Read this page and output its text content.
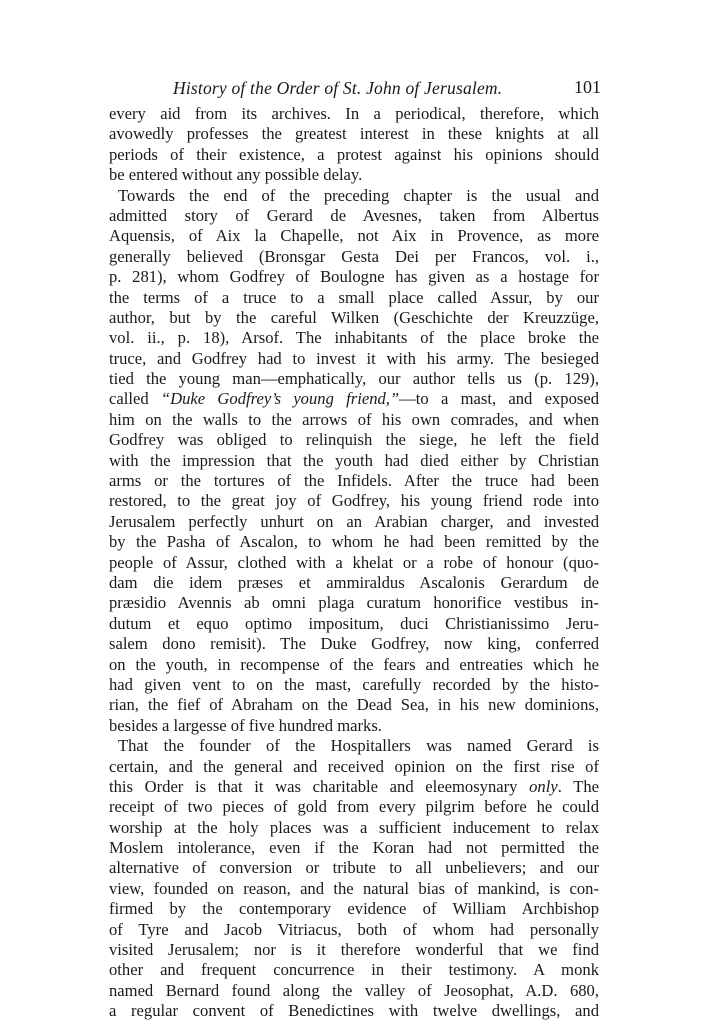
History of the Order of St. John of Jerusalem.	101
every aid from its archives. In a periodical, therefore, which
avowedly professes the greatest interest in these knights at all
periods of their existence, a protest against his opinions should
be entered without any possible delay.
Towards the end of the preceding chapter is the usual and
admitted story of Gerard de Avesnes, taken from Albertus
Aquensis, of Aix la Chapelle, not Aix in Provence, as more
generally believed (Bronsgar Gesta Dei per Francos, vol. i.,
p. 281), whom Godfrey of Boulogne has given as a hostage for
the terms of a truce to a small place called Assur, by our
author, but by the careful Wilken (Geschichte der Kreuzzüge,
vol. ii., p. 18), Arsof. The inhabitants of the place broke the
truce, and Godfrey had to invest it with his army. The besieged
tied the young man—emphatically, our author tells us (p. 129),
called “Duke Godfrey’s young friend,”—to a mast, and exposed
him on the walls to the arrows of his own comrades, and when
Godfrey was obliged to relinquish the siege, he left the field
with the impression that the youth had died either by Christian
arms or the tortures of the Infidels. After the truce had been
restored, to the great joy of Godfrey, his young friend rode into
Jerusalem perfectly unhurt on an Arabian charger, and invested
by the Pasha of Ascalon, to whom he had been remitted by the
people of Assur, clothed with a khelat or a robe of honour (quo-
dam die idem præses et ammiraldus Ascalonis Gerardum de
præsidio Avennis ab omni plaga curatum honorifice vestibus in-
dutum et equo optimo impositum, duci Christianissimo Jeru-
salem dono remisit). The Duke Godfrey, now king, conferred
on the youth, in recompense of the fears and entreaties which he
had given vent to on the mast, carefully recorded by the histo-
rian, the fief of Abraham on the Dead Sea, in his new dominions,
besides a largesse of five hundred marks.
That the founder of the Hospitallers was named Gerard is
certain, and the general and received opinion on the first rise of
this Order is that it was charitable and eleemosynary only. The
receipt of two pieces of gold from every pilgrim before he could
worship at the holy places was a sufficient inducement to relax
Moslem intolerance, even if the Koran had not permitted the
alternative of conversion or tribute to all unbelievers; and our
view, founded on reason, and the natural bias of mankind, is con-
firmed by the contemporary evidence of William Archbishop
of Tyre and Jacob Vitriacus, both of whom had personally
visited Jerusalem; nor is it therefore wonderful that we find
other and frequent concurrence in their testimony. A monk
named Bernard found along the valley of Jeosophat, A.D. 680,
a regular convent of Benedictines with twelve dwellings, and
